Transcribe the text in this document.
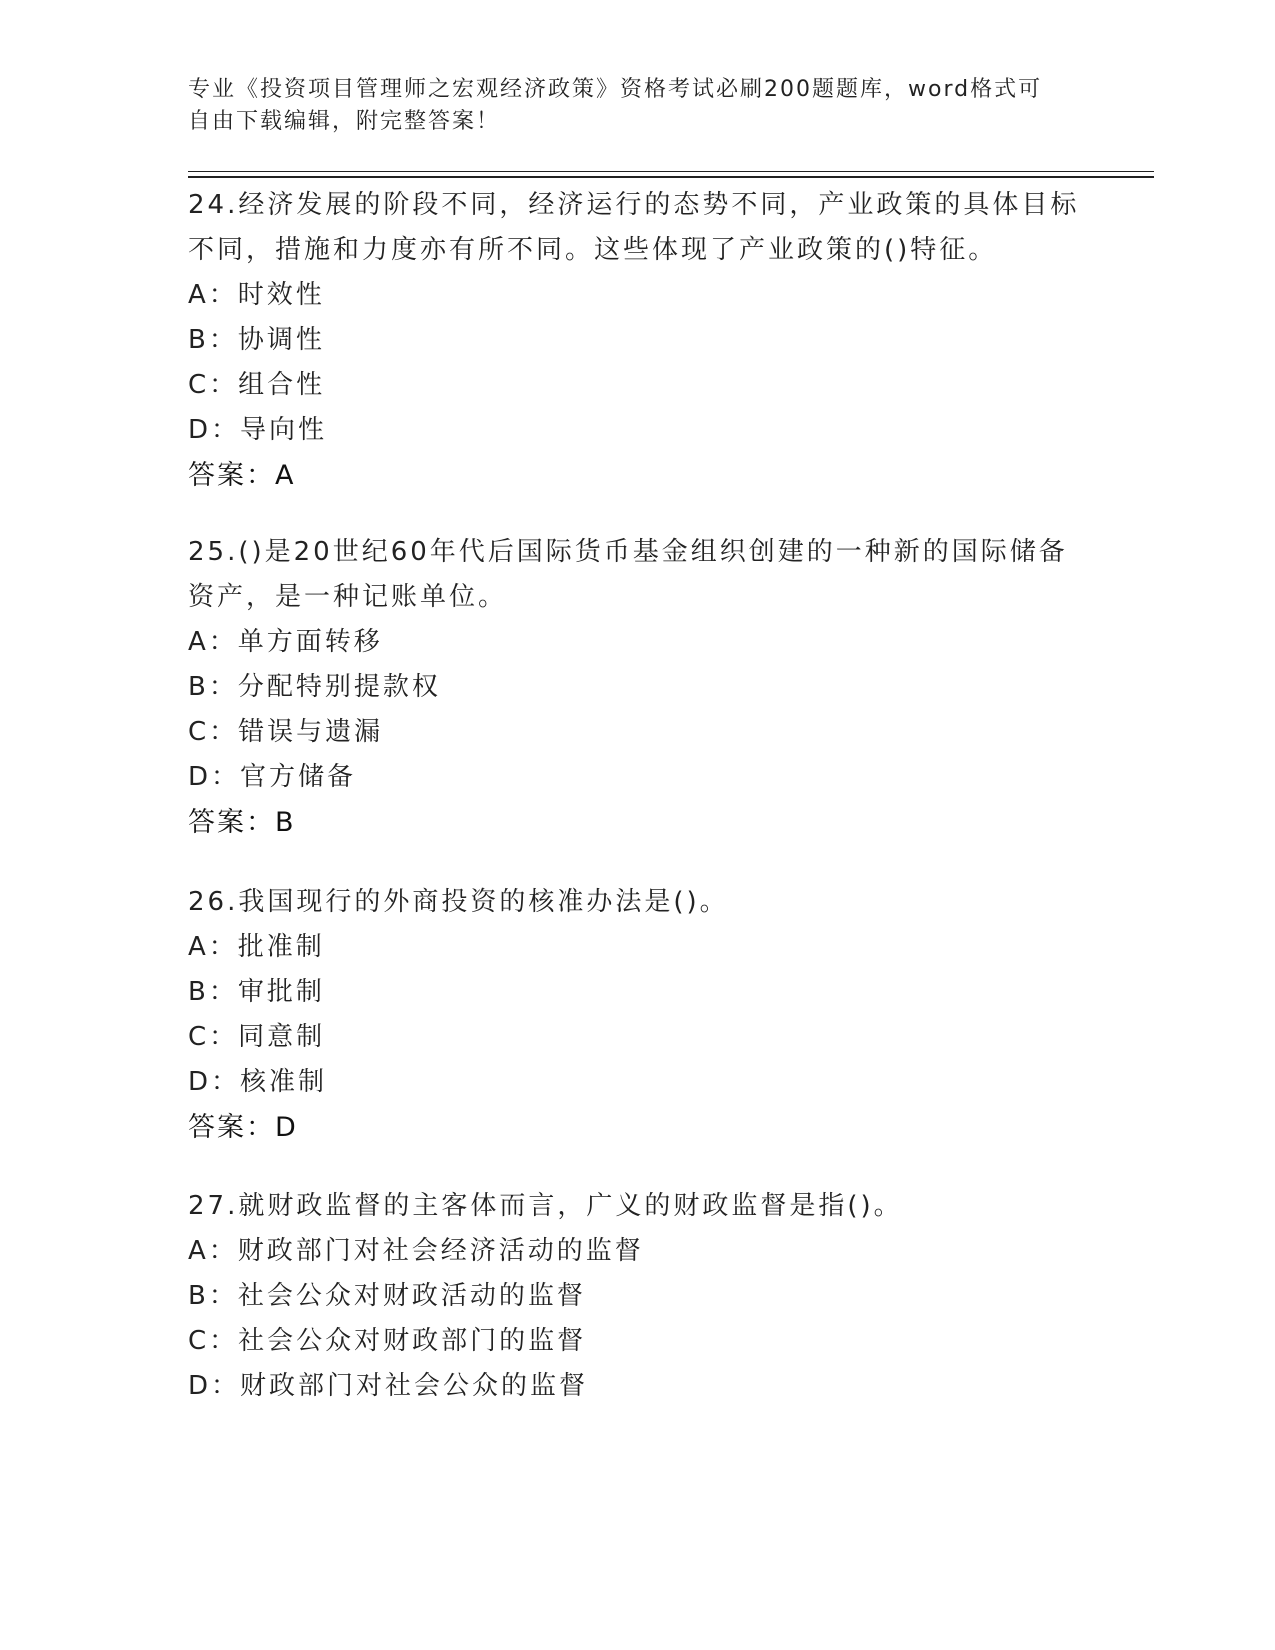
专业《投资项目管理师之宏观经济政策》资格考试必刷200题题库，word格式可
自由下载编辑，附完整答案！

24.经济发展的阶段不同，经济运行的态势不同，产业政策的具体目标

不同，措施和力度亦有所不同。这些体现了产业政策的()特征。

A：时效性

B：协调性

C：组合性

D：导向性

答案：A

25.()是20世纪60年代后国际货币基金组织创建的一种新的国际储备

资产，是一种记账单位。

A：单方面转移

B：分配特别提款权

C：错误与遗漏

D：官方储备

答案：B

26.我国现行的外商投资的核准办法是()。

A：批准制

B：审批制

C：同意制

D：核准制

答案：D

27.就财政监督的主客体而言，广义的财政监督是指()。

A：财政部门对社会经济活动的监督

B：社会公众对财政活动的监督

C：社会公众对财政部门的监督

D：财政部门对社会公众的监督
